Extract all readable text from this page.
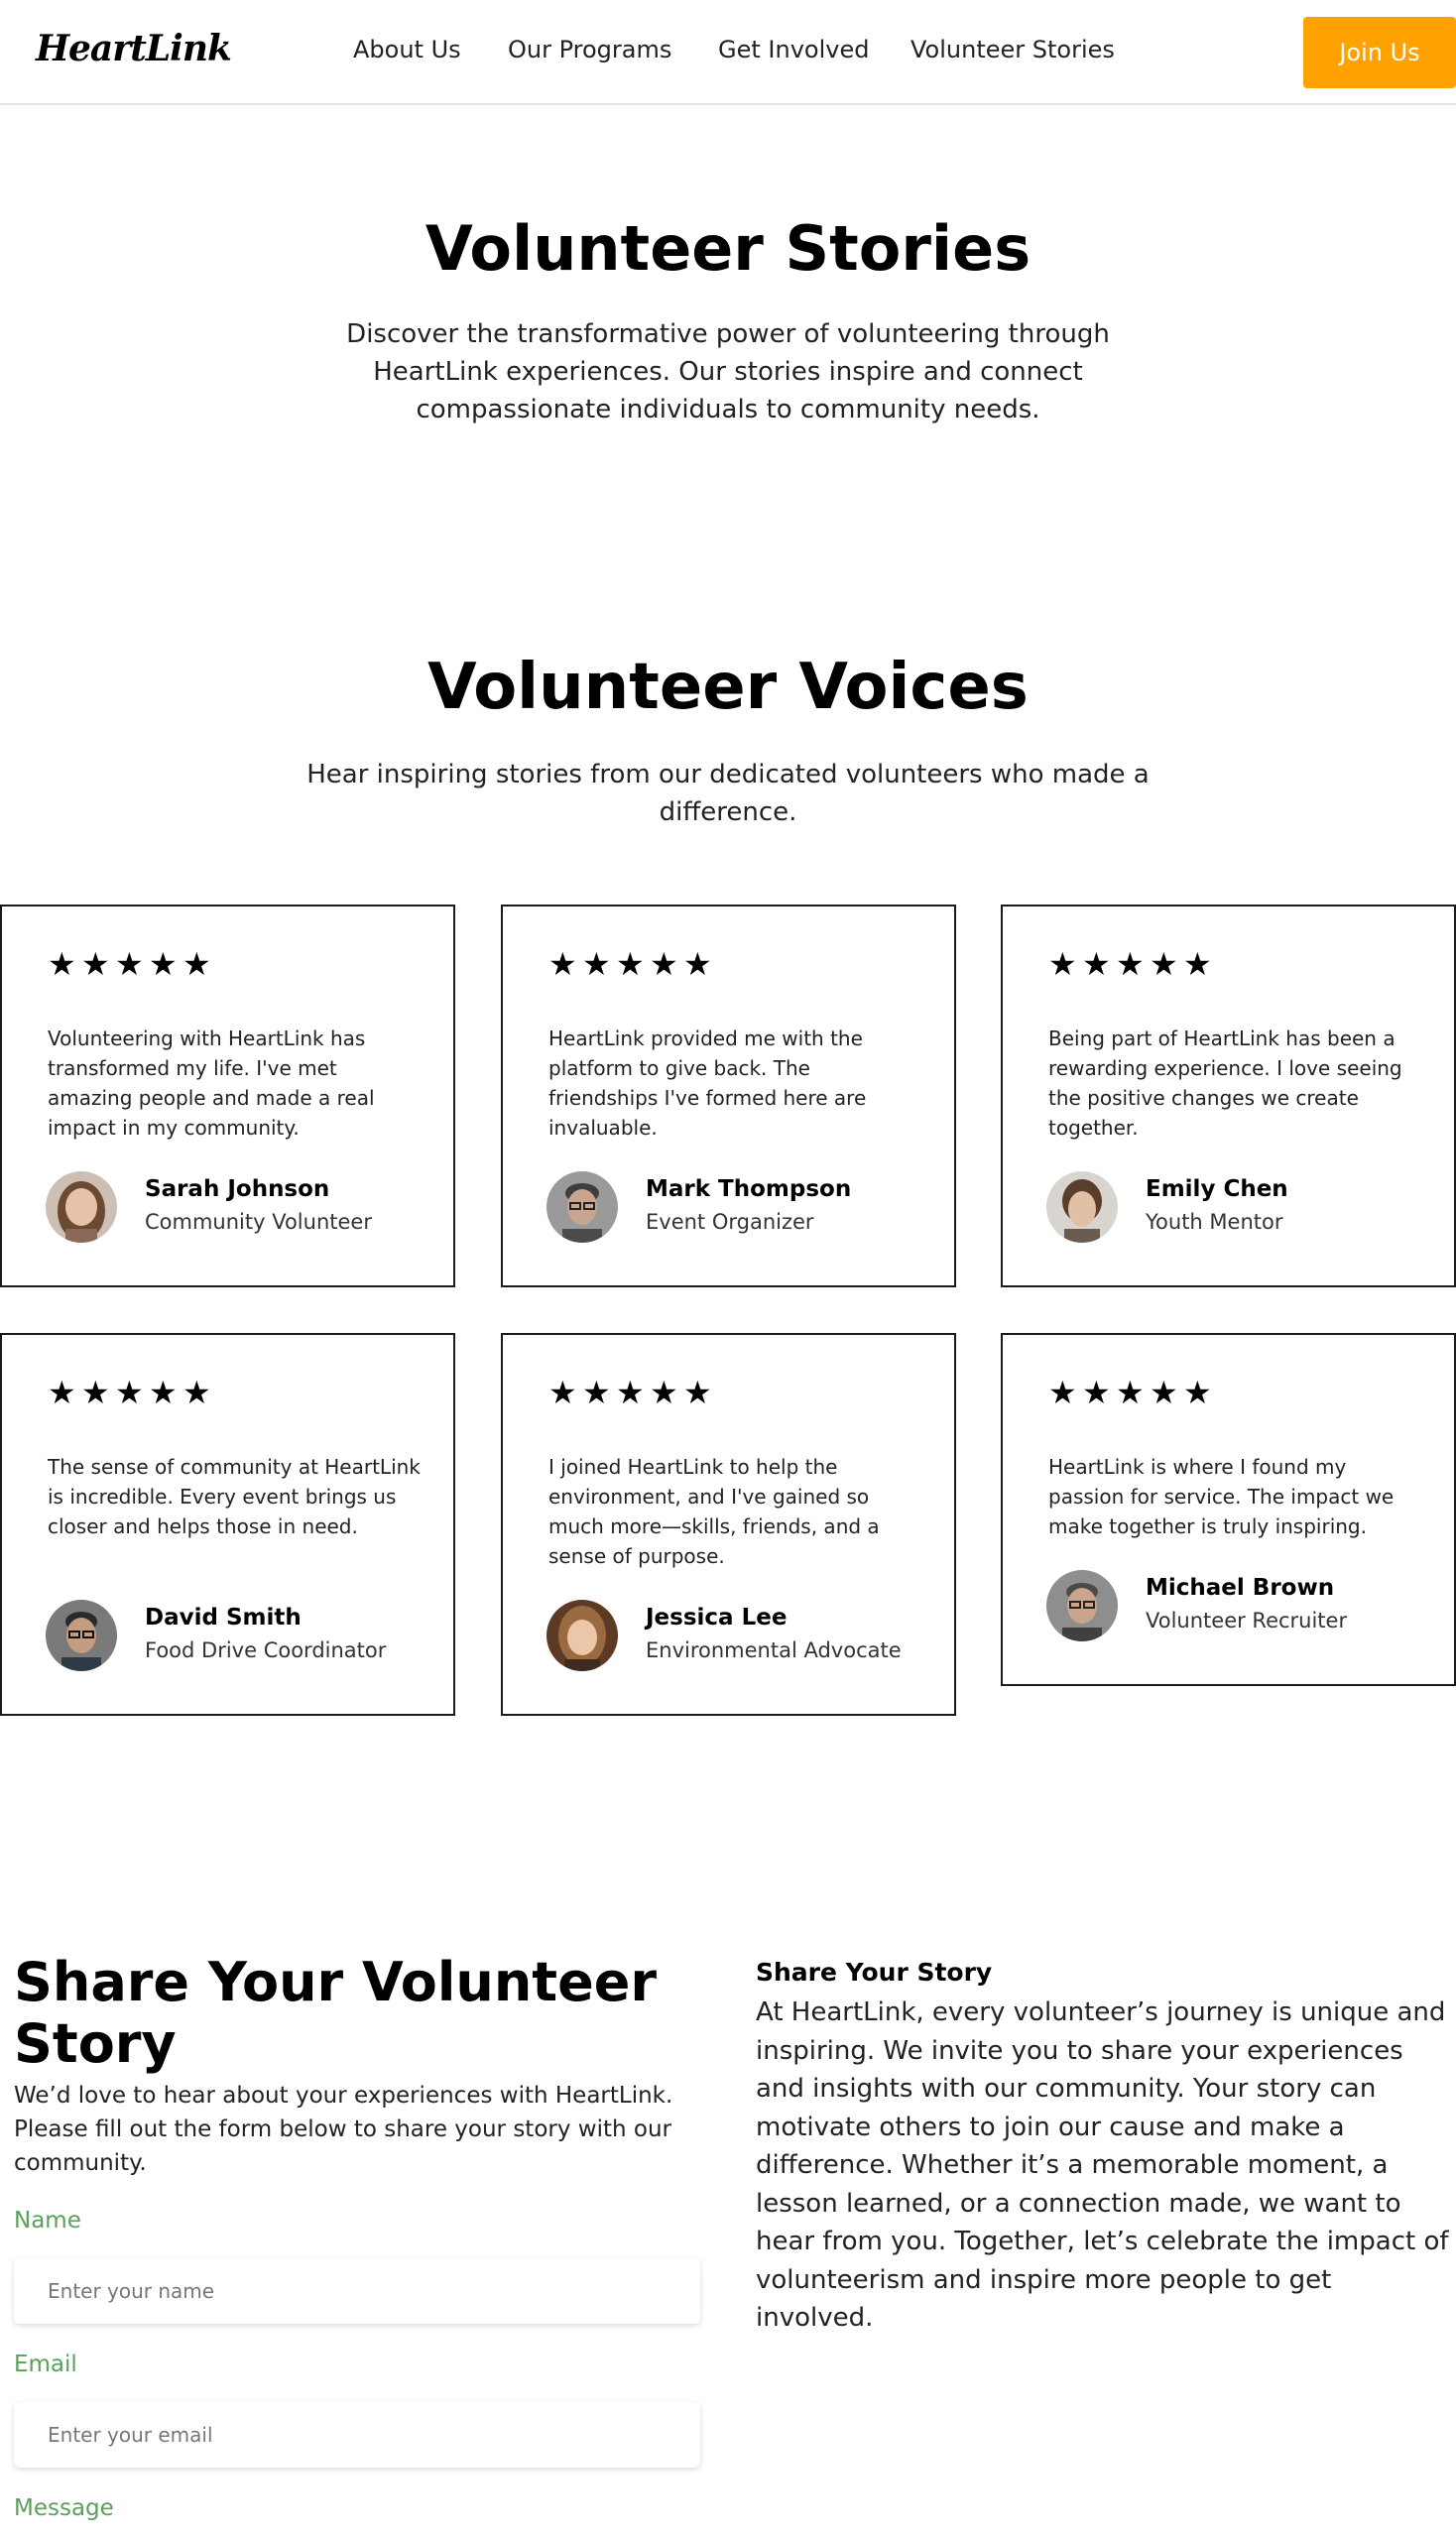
HeartLink	About Us Our Programs Get Involved Volunteer Stories	Join Us
Volunteer Stories

Discover the transformative power of volunteering through HeartLink experiences. Our stories inspire and connect compassionate individuals to community needs.

Volunteer Voices

Hear inspiring stories from our dedicated volunteers who made a difference.

★ ★ ★ ★ ★

Volunteering with HeartLink has transformed my life. I've met amazing people and made a real impact in my community.

Sarah Johnson
Community Volunteer
★ ★ ★ ★ ★

HeartLink provided me with the platform to give back. The friendships I've formed here are invaluable.

Mark Thompson
Event Organizer
★ ★ ★ ★ ★

Being part of HeartLink has been a rewarding experience. I love seeing the positive changes we create together.

Emily Chen
Youth Mentor
★ ★ ★ ★ ★

The sense of community at HeartLink is incredible. Every event brings us closer and helps those in need.

David Smith
Food Drive Coordinator
★ ★ ★ ★ ★

I joined HeartLink to help the environment, and I've gained so much more—skills, friends, and a sense of purpose.

Jessica Lee
Environmental Advocate
★ ★ ★ ★ ★

HeartLink is where I found my passion for service. The impact we make together is truly inspiring.

Michael Brown
Volunteer Recruiter
Share Your Volunteer Story

We’d love to hear about your experiences with HeartLink. Please fill out the form below to share your story with our community.

Name
Enter your name
Email
Enter your email
Message
Share Your Story

At HeartLink, every volunteer’s journey is unique and inspiring. We invite you to share your experiences and insights with our community. Your story can motivate others to join our cause and make a difference. Whether it’s a memorable moment, a lesson learned, or a connection made, we want to hear from you. Together, let’s celebrate the impact of volunteerism and inspire more people to get involved.
